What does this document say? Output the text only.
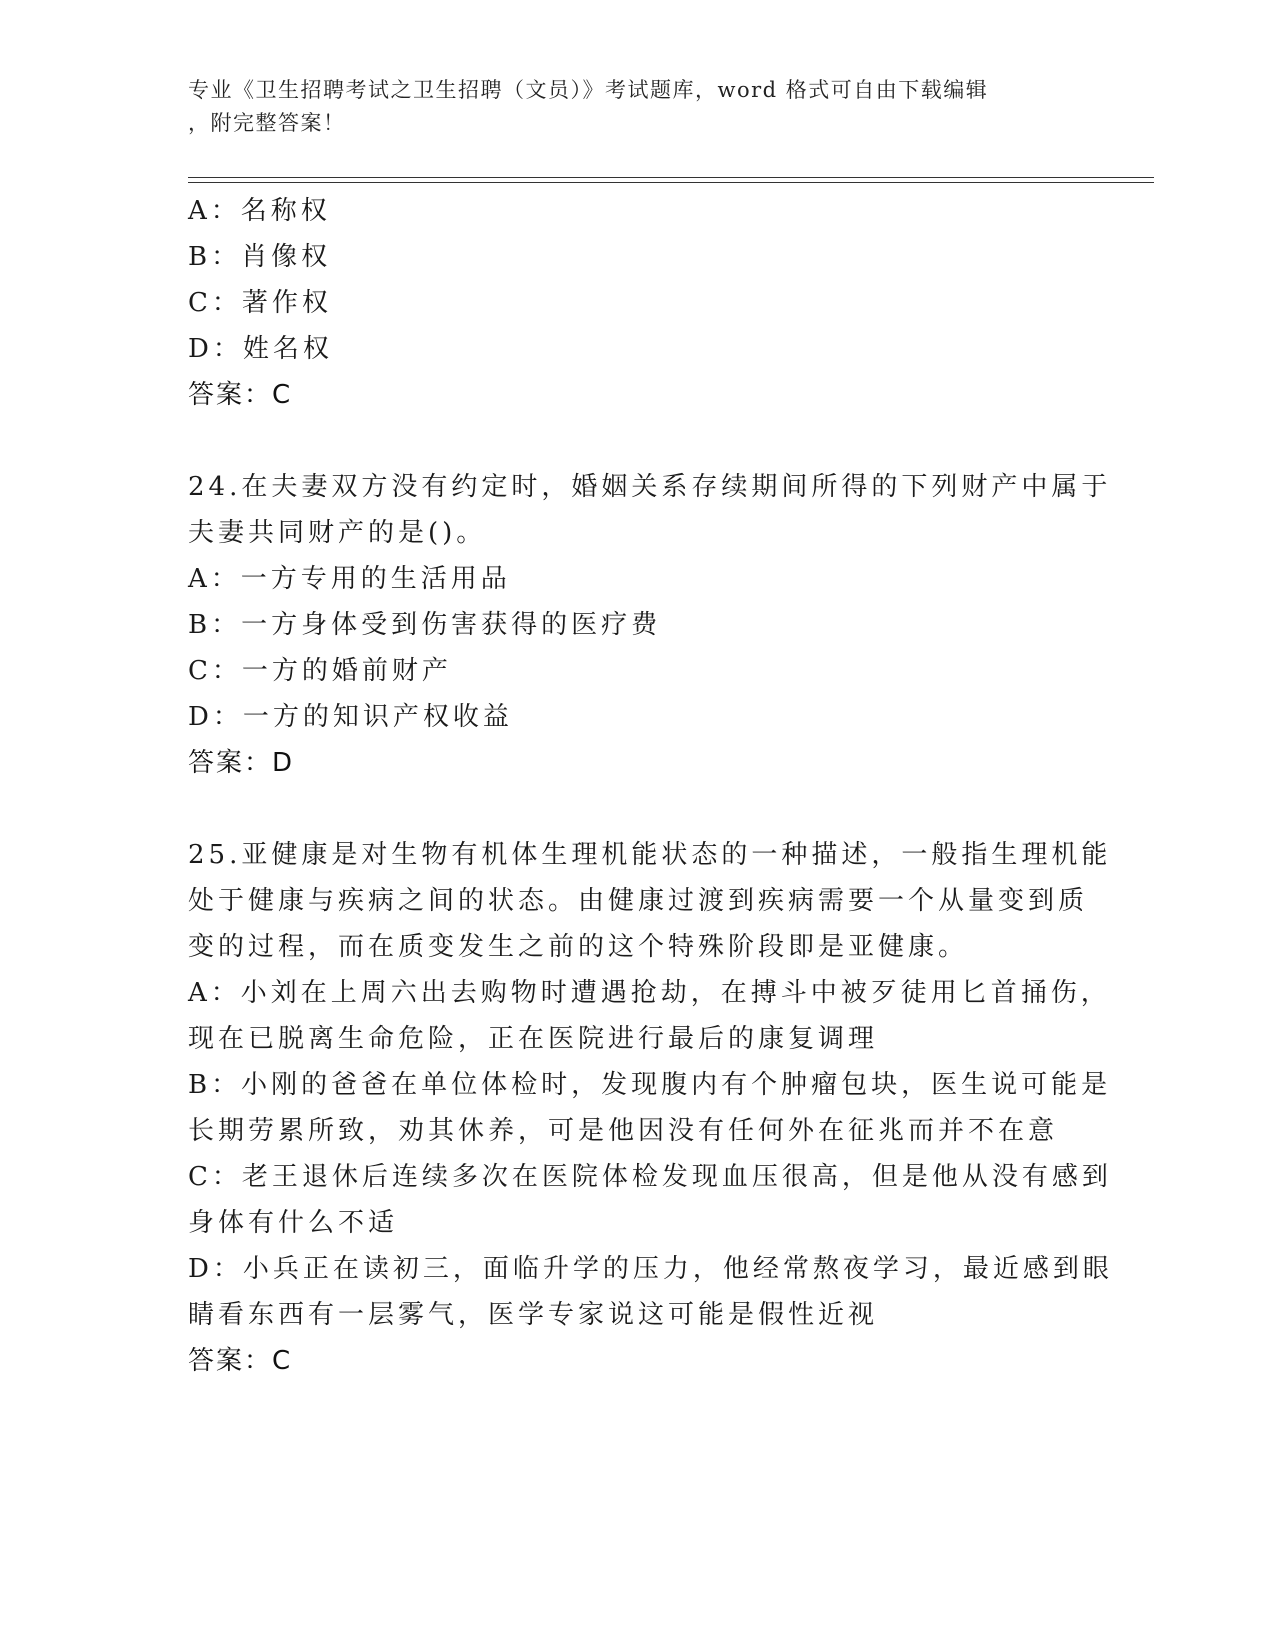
专业《卫生招聘考试之卫生招聘（文员）》考试题库，word 格式可自由下载编辑
，附完整答案！
A：名称权
B：肖像权
C：著作权
D：姓名权
答案：C
24.在夫妻双方没有约定时，婚姻关系存续期间所得的下列财产中属于
夫妻共同财产的是()。
A：一方专用的生活用品
B：一方身体受到伤害获得的医疗费
C：一方的婚前财产
D：一方的知识产权收益
答案：D
25.亚健康是对生物有机体生理机能状态的一种描述，一般指生理机能
处于健康与疾病之间的状态。由健康过渡到疾病需要一个从量变到质
变的过程，而在质变发生之前的这个特殊阶段即是亚健康。
A：小刘在上周六出去购物时遭遇抢劫，在搏斗中被歹徒用匕首捅伤，
现在已脱离生命危险，正在医院进行最后的康复调理
B：小刚的爸爸在单位体检时，发现腹内有个肿瘤包块，医生说可能是
长期劳累所致，劝其休养，可是他因没有任何外在征兆而并不在意
C：老王退休后连续多次在医院体检发现血压很高，但是他从没有感到
身体有什么不适
D：小兵正在读初三，面临升学的压力，他经常熬夜学习，最近感到眼
睛看东西有一层雾气，医学专家说这可能是假性近视
答案：C
